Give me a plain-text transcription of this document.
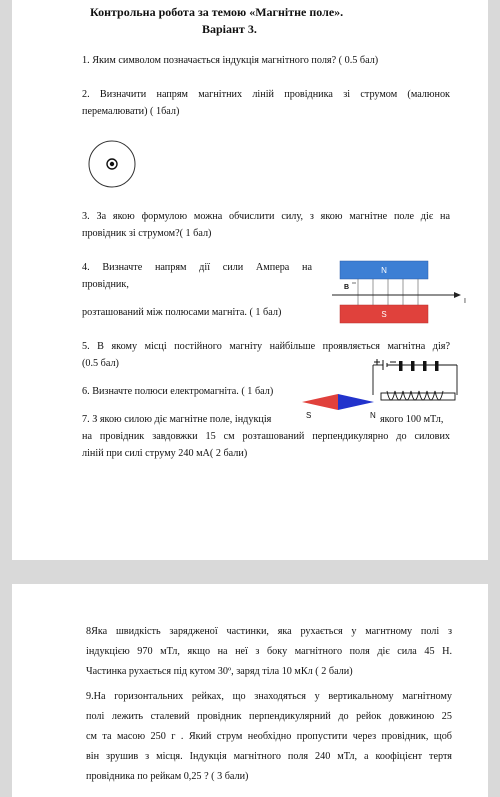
Контрольна робота за темою «Магнітне поле».
Варіант 3.
1. Яким символом позначається індукція магнітного поля? ( 0.5 бал)
2. Визначити напрям магнітних ліній провідника зі струмом (малюнок
перемалювати) ( 1бал)
3. За якою формулою можна обчислити силу, з якою магнітне поле діє на
провідник зі струмом?( 1 бал)
4. Визначте напрям дії сили Ампера на
провідник,
розташований між полюсами магніта. ( 1 бал)
N
S
B
I
5. В якому місці постійного магніту найбільше проявляється магнітна дія?
(0.5 бал)
6. Визначте полюси електромагніта. ( 1 бал)
S	N
7. З якою силою діє магнітне поле, індукція	якого 100 мТл,
на провідник завдовжки 15 см розташований перпендикулярно до силових
ліній при силі струму 240 мА( 2 бали)
8Яка швидкість зарядженої частинки, яка рухається у магнтному полі з
індукцією 970 мТл, якщо на неї з боку магнітного поля діє сила 45 Н.
Частинка рухається під кутом 30º, заряд тіла 10 мКл ( 2 бали)
9.На горизонтальних рейках, що знаходяться у вертикальному магнітному
полі лежить сталевий провідник перпендикулярний до рейок довжиною 25
см та масою 250 г . Який струм необхідно пропустити через провідник, щоб
він зрушив з місця. Індукція магнітного поля 240 мТл, а коофіцієнт тертя
провідника по рейкам 0,25 ? ( 3 бали)
